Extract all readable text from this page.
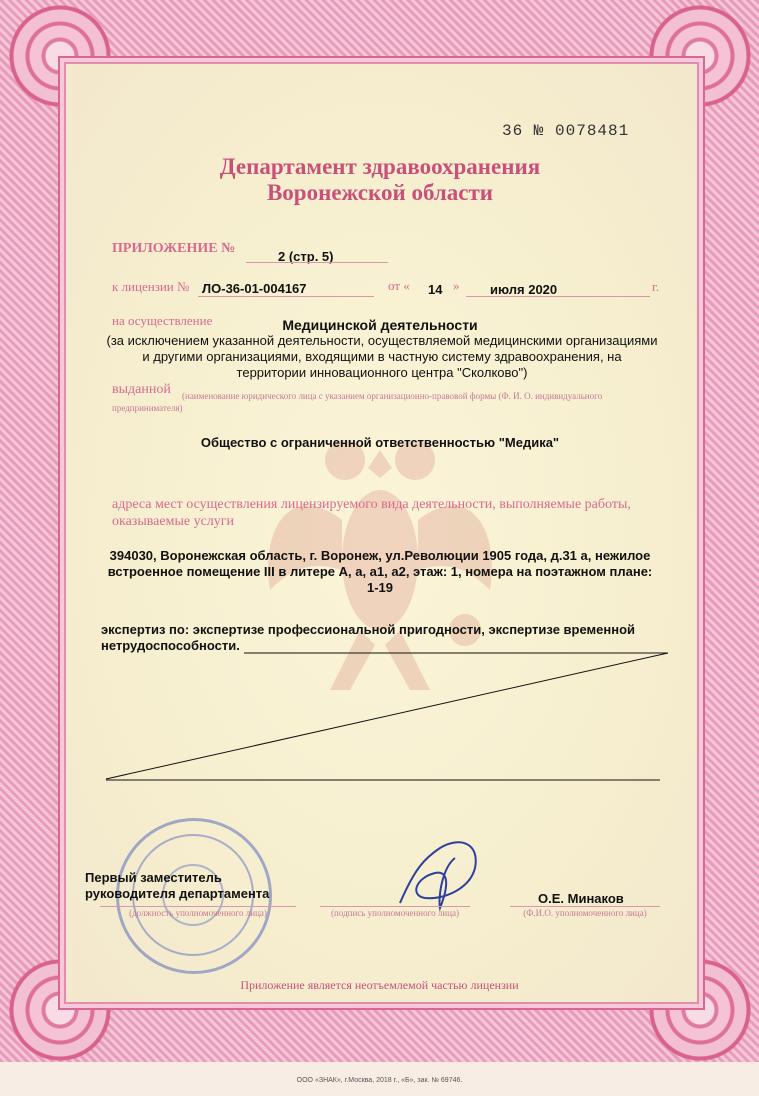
36 № 0078481
Департамент здравоохранения
Воронежской области
ПРИЛОЖЕНИЕ №
2 (стр. 5)
к лицензии № ЛО-36-01-004167	от « 14 » июля 2020	г.
на осуществление	Медицинской деятельности
(за исключением указанной деятельности, осуществляемой медицинскими организациями
и другими организациями, входящими в частную систему здравоохранения, на
территории инновационного центра "Сколково")
выданной (наименование юридического лица с указанием организационно-правовой формы (Ф. И. О. индивидуального
предпринимателя)
Общество с ограниченной ответственностью "Медика"
адреса мест осуществления лицензируемого вида деятельности, выполняемые работы,
оказываемые услуги
394030, Воронежская область, г. Воронеж, ул.Революции 1905 года, д.31 а, нежилое
встроенное помещение III в литере А, а, а1, а2, этаж: 1, номера на поэтажном плане:
1-19
экспертиз по: экспертизе профессиональной пригодности, экспертизе временной
нетрудоспособности.
Первый заместитель
руководителя департамента
(должность уполномоченного лица)	(подпись уполномоченного лица)
О.Е. Минаков
(Ф.И.О. уполномоченного лица)
Приложение является неотъемлемой частью лицензии
ООО «ЗНАК», г.Москва, 2018 г., «Б», зак. № 69746.
